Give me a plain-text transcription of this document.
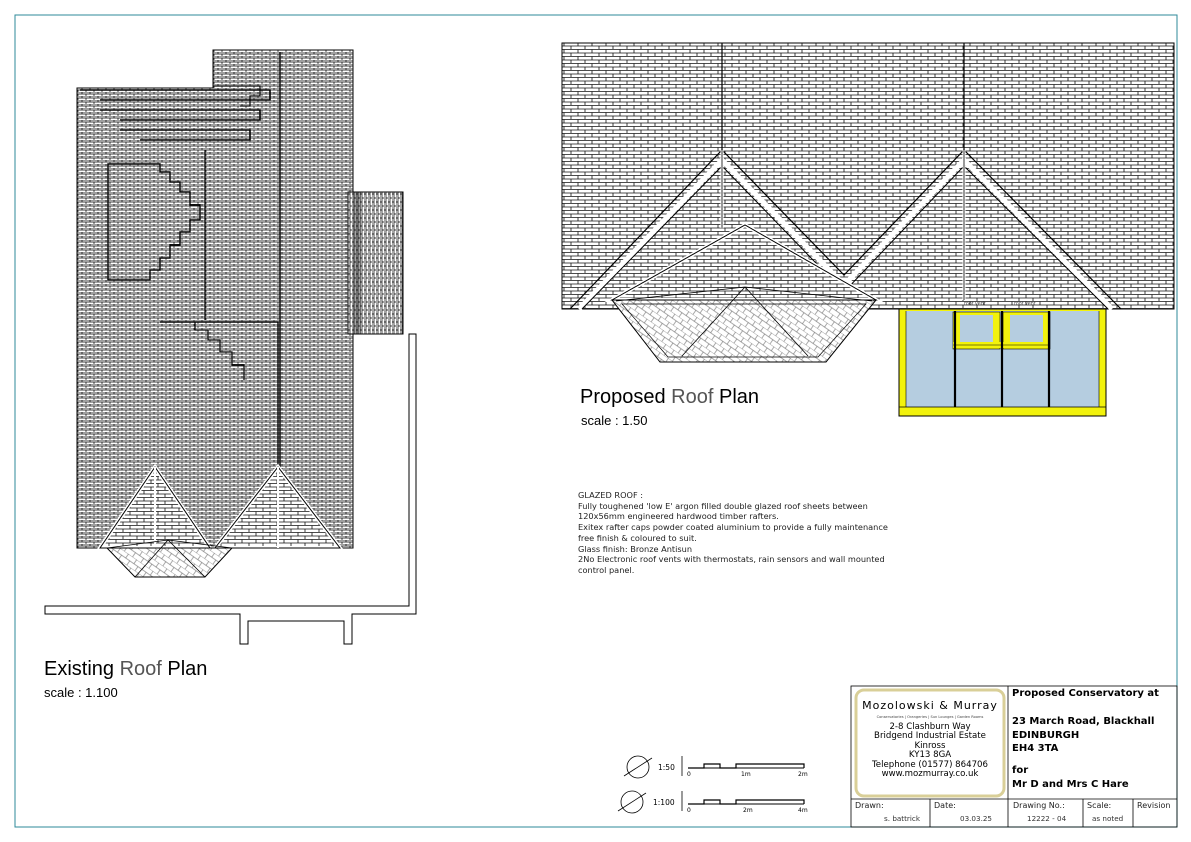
Existing Roof Plan
scale : 1.100
Proposed Roof Plan
scale : 1.50
roof vent	roof vent
GLAZED ROOF :
Fully toughened 'low E' argon filled double glazed roof sheets between
120x56mm engineered hardwood timber rafters.
Exitex rafter caps powder coated aluminium to provide a fully maintenance
free finish & coloured to suit.
Glass finish: Bronze Antisun
2No Electronic roof vents with thermostats, rain sensors and wall mounted
control panel.
1:50
0	1m	2m
1:100
0	2m	4m
Mozolowski & Murray
Conservatories | Orangeries | Sun Lounges | Garden Rooms
2-8 Clashburn Way
Bridgend Industrial Estate
Kinross
KY13 8GA
Telephone (01577) 864706
www.mozmurray.co.uk
Proposed Conservatory at
23 March Road, Blackhall
EDINBURGH
EH4 3TA
for
Mr D and Mrs C Hare
Drawn:
s. battrick
Date:
03.03.25
Drawing No.:
12222 - 04
Scale:
as noted
Revision
